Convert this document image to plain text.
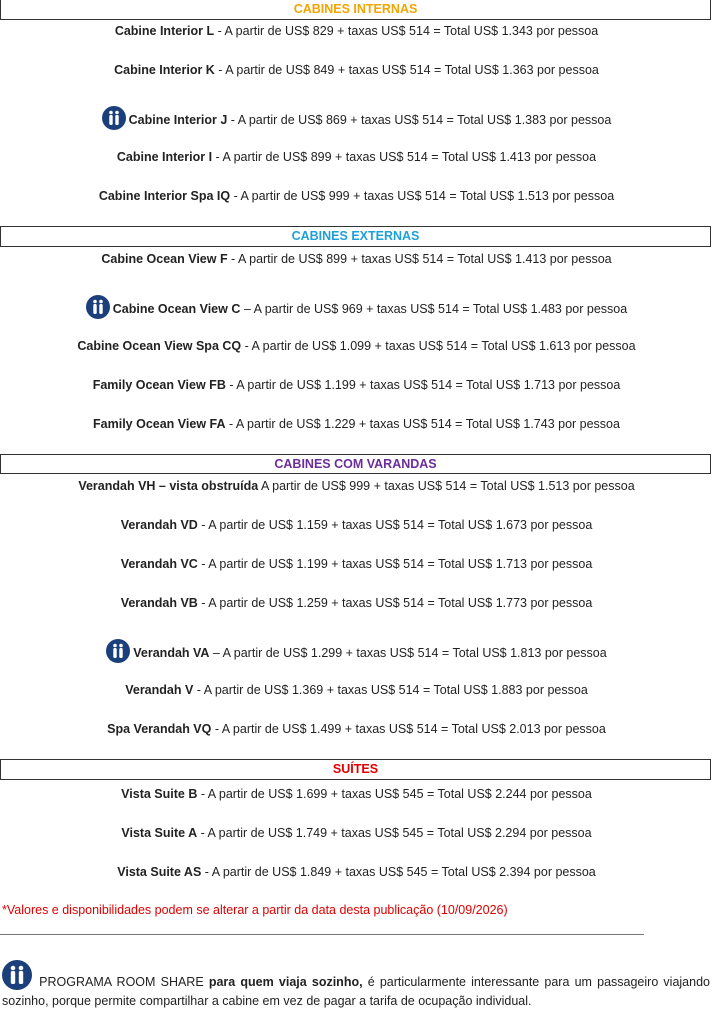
CABINES INTERNAS
Cabine Interior L - A partir de US$ 829 + taxas US$ 514 = Total US$ 1.343 por pessoa
Cabine Interior K - A partir de US$ 849 + taxas US$ 514 = Total US$ 1.363 por pessoa
Cabine Interior J - A partir de US$ 869 + taxas US$ 514 = Total US$ 1.383 por pessoa
Cabine Interior I - A partir de US$ 899 + taxas US$ 514 = Total US$ 1.413 por pessoa
Cabine Interior Spa IQ - A partir de US$ 999 + taxas US$ 514 = Total US$ 1.513 por pessoa
CABINES EXTERNAS
Cabine Ocean View F - A partir de US$ 899 + taxas US$ 514 = Total US$ 1.413 por pessoa
Cabine Ocean View C – A partir de US$ 969 + taxas US$ 514 = Total US$ 1.483 por pessoa
Cabine Ocean View Spa CQ - A partir de US$ 1.099 + taxas US$ 514 = Total US$ 1.613 por pessoa
Family Ocean View FB - A partir de US$ 1.199 + taxas US$ 514 = Total US$ 1.713 por pessoa
Family Ocean View FA - A partir de US$ 1.229 + taxas US$ 514 = Total US$ 1.743 por pessoa
CABINES COM VARANDAS
Verandah VH – vista obstruída A partir de US$ 999 + taxas US$ 514 = Total US$ 1.513 por pessoa
Verandah VD - A partir de US$ 1.159 + taxas US$ 514 = Total US$ 1.673 por pessoa
Verandah VC - A partir de US$ 1.199 + taxas US$ 514 = Total US$ 1.713 por pessoa
Verandah VB - A partir de US$ 1.259 + taxas US$ 514 = Total US$ 1.773 por pessoa
Verandah VA – A partir de US$ 1.299 + taxas US$ 514 = Total US$ 1.813 por pessoa
Verandah V - A partir de US$ 1.369 + taxas US$ 514 = Total US$ 1.883 por pessoa
Spa Verandah VQ - A partir de US$ 1.499 + taxas US$ 514 = Total US$ 2.013 por pessoa
SUÍTES
Vista Suite B - A partir de US$ 1.699 + taxas US$ 545 = Total US$ 2.244 por pessoa
Vista Suite A - A partir de US$ 1.749 + taxas US$ 545 = Total US$ 2.294 por pessoa
Vista Suite AS - A partir de US$ 1.849 + taxas US$ 545 = Total US$ 2.394 por pessoa
*Valores e disponibilidades podem se alterar a partir da data desta publicação (10/09/2026)
PROGRAMA ROOM SHARE para quem viaja sozinho, é particularmente interessante para um passageiro viajando sozinho, porque permite compartilhar a cabine em vez de pagar a tarifa de ocupação individual.
